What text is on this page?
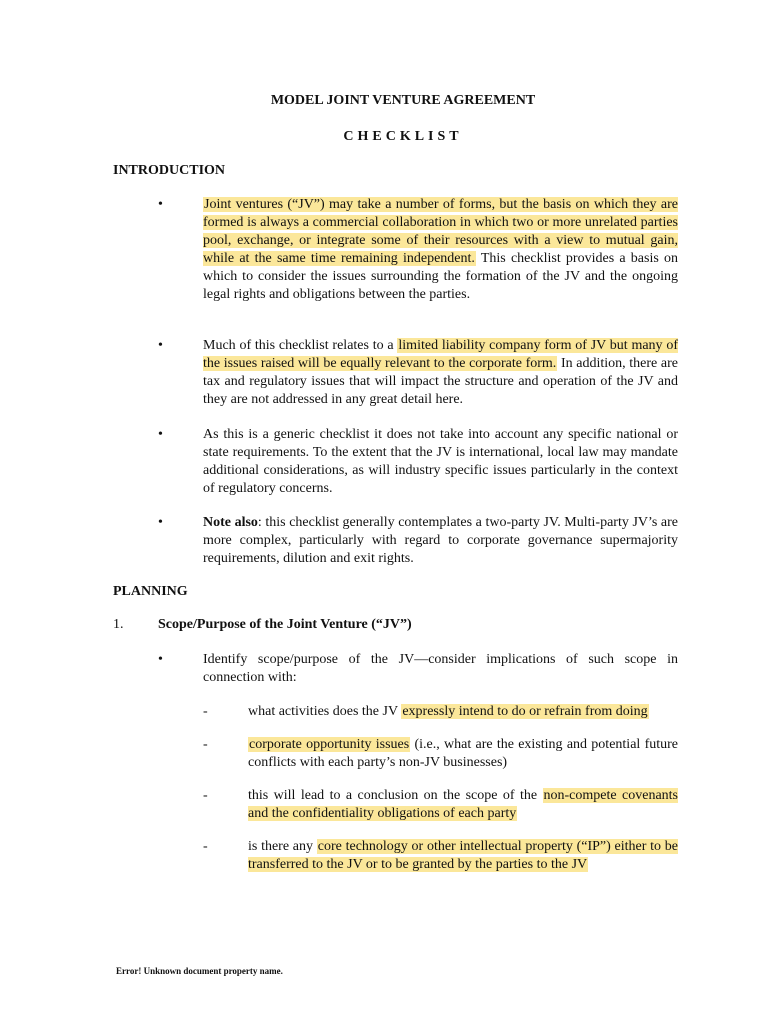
MODEL JOINT VENTURE AGREEMENT
CHECKLIST
INTRODUCTION
•	Joint ventures (“JV”) may take a number of forms, but the basis on which they are formed is always a commercial collaboration in which two or more unrelated parties pool, exchange, or integrate some of their resources with a view to mutual gain, while at the same time remaining independent. This checklist provides a basis on which to consider the issues surrounding the formation of the JV and the ongoing legal rights and obligations between the parties.
•	Much of this checklist relates to a limited liability company form of JV but many of the issues raised will be equally relevant to the corporate form. In addition, there are tax and regulatory issues that will impact the structure and operation of the JV and they are not addressed in any great detail here.
•	As this is a generic checklist it does not take into account any specific national or state requirements. To the extent that the JV is international, local law may mandate additional considerations, as will industry specific issues particularly in the context of regulatory concerns.
•	Note also: this checklist generally contemplates a two-party JV. Multi-party JV’s are more complex, particularly with regard to corporate governance supermajority requirements, dilution and exit rights.
PLANNING
1. Scope/Purpose of the Joint Venture (“JV”)
•	Identify scope/purpose of the JV—consider implications of such scope in connection with:
-	what activities does the JV expressly intend to do or refrain from doing
-	corporate opportunity issues (i.e., what are the existing and potential future conflicts with each party’s non-JV businesses)
-	this will lead to a conclusion on the scope of the non-compete covenants and the confidentiality obligations of each party
-	is there any core technology or other intellectual property (“IP”) either to be transferred to the JV or to be granted by the parties to the JV
Error! Unknown document property name.
